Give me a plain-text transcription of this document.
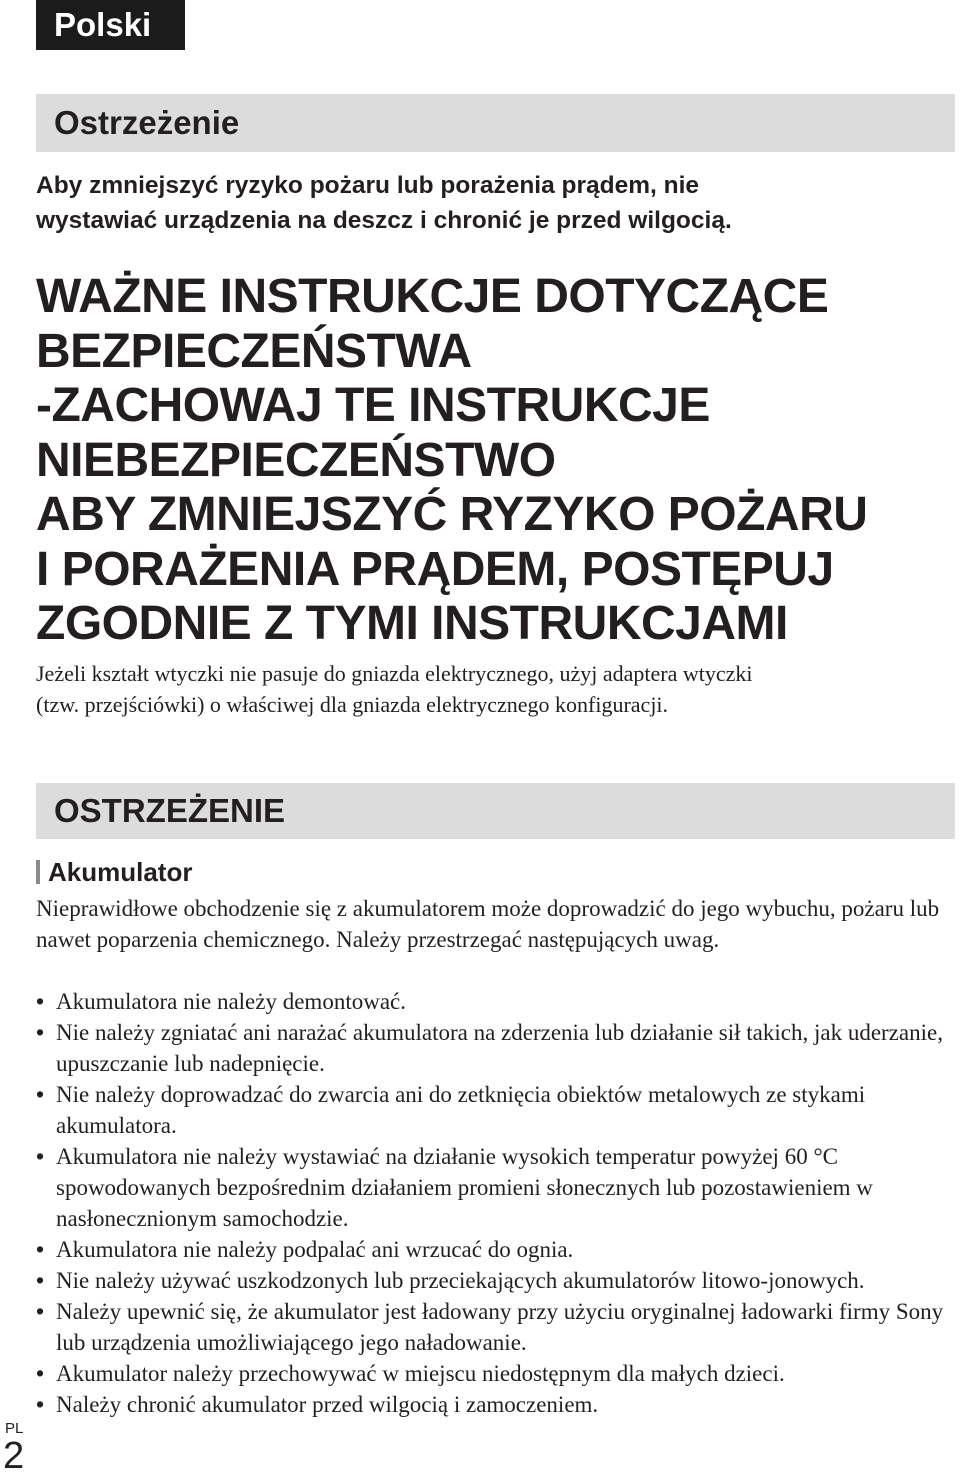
Polski
Ostrzeżenie
Aby zmniejszyć ryzyko pożaru lub porażenia prądem, nie
wystawiać urządzenia na deszcz i chronić je przed wilgocią.
WAŻNE INSTRUKCJE DOTYCZĄCE
BEZPIECZEŃSTWA
-ZACHOWAJ TE INSTRUKCJE
NIEBEZPIECZEŃSTWO
ABY ZMNIEJSZYĆ RYZYKO POŻARU
I PORAŻENIA PRĄDEM, POSTĘPUJ
ZGODNIE Z TYMI INSTRUKCJAMI
Jeżeli kształt wtyczki nie pasuje do gniazda elektrycznego, użyj adaptera wtyczki
(tzw. przejściówki) o właściwej dla gniazda elektrycznego konfiguracji.
OSTRZEŻENIE
Akumulator
Nieprawidłowe obchodzenie się z akumulatorem może doprowadzić do jego wybuchu, pożaru lub nawet poparzenia chemicznego. Należy przestrzegać następujących uwag.
• Akumulatora nie należy demontować.
• Nie należy zgniatać ani narażać akumulatora na zderzenia lub działanie sił takich, jak uderzanie, upuszczanie lub nadepnięcie.
• Nie należy doprowadzać do zwarcia ani do zetknięcia obiektów metalowych ze stykami akumulatora.
• Akumulatora nie należy wystawiać na działanie wysokich temperatur powyżej 60 °C spowodowanych bezpośrednim działaniem promieni słonecznych lub pozostawieniem w nasłonecznionym samochodzie.
• Akumulatora nie należy podpalać ani wrzucać do ognia.
• Nie należy używać uszkodzonych lub przeciekających akumulatorów litowo-jonowych.
• Należy upewnić się, że akumulator jest ładowany przy użyciu oryginalnej ładowarki firmy Sony lub urządzenia umożliwiającego jego naładowanie.
• Akumulator należy przechowywać w miejscu niedostępnym dla małych dzieci.
• Należy chronić akumulator przed wilgocią i zamoczeniem.
PL
2
